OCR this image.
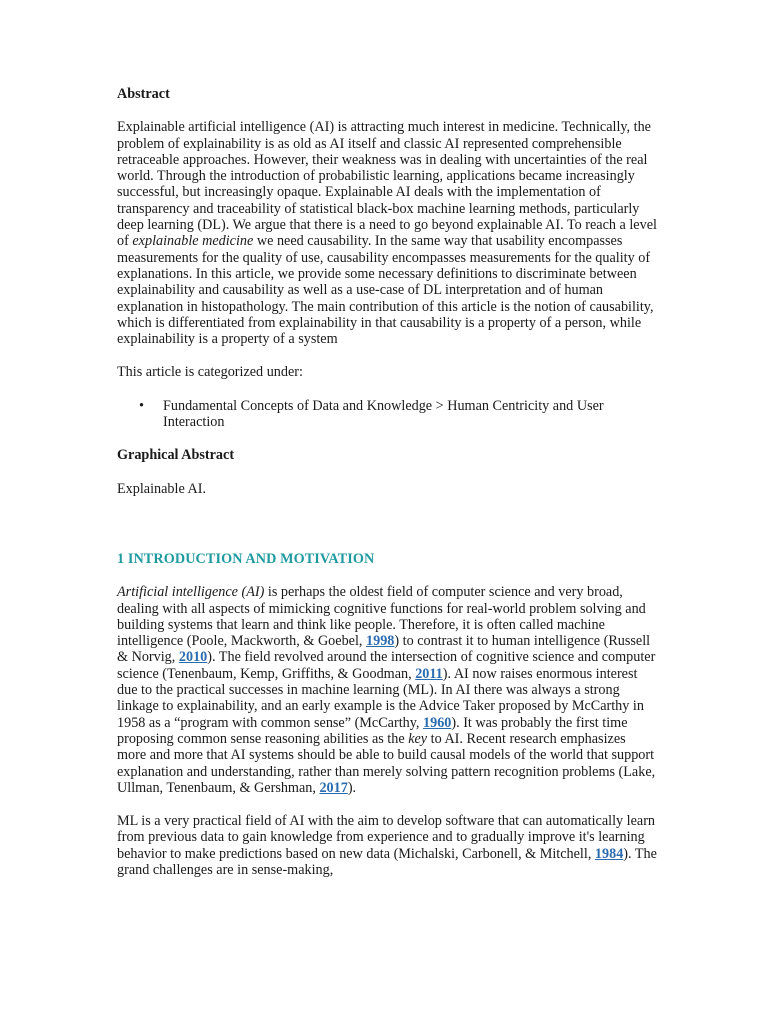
Abstract

Explainable artificial intelligence (AI) is attracting much interest in medicine. Technically, the problem of explainability is as old as AI itself and classic AI represented comprehensible retraceable approaches. However, their weakness was in dealing with uncertainties of the real world. Through the introduction of probabilistic learning, applications became increasingly successful, but increasingly opaque. Explainable AI deals with the implementation of transparency and traceability of statistical black-box machine learning methods, particularly deep learning (DL). We argue that there is a need to go beyond explainable AI. To reach a level of explainable medicine we need causability. In the same way that usability encompasses measurements for the quality of use, causability encompasses measurements for the quality of explanations. In this article, we provide some necessary definitions to discriminate between explainability and causability as well as a use-case of DL interpretation and of human explanation in histopathology. The main contribution of this article is the notion of causability, which is differentiated from explainability in that causability is a property of a person, while explainability is a property of a system

This article is categorized under:

• Fundamental Concepts of Data and Knowledge > Human Centricity and User Interaction
Graphical Abstract

Explainable AI.

1 INTRODUCTION AND MOTIVATION

Artificial intelligence (AI) is perhaps the oldest field of computer science and very broad, dealing with all aspects of mimicking cognitive functions for real-world problem solving and building systems that learn and think like people. Therefore, it is often called machine intelligence (Poole, Mackworth, & Goebel, 1998) to contrast it to human intelligence (Russell & Norvig, 2010). The field revolved around the intersection of cognitive science and computer science (Tenenbaum, Kemp, Griffiths, & Goodman, 2011). AI now raises enormous interest due to the practical successes in machine learning (ML). In AI there was always a strong linkage to explainability, and an early example is the Advice Taker proposed by McCarthy in 1958 as a “program with common sense” (McCarthy, 1960). It was probably the first time proposing common sense reasoning abilities as the key to AI. Recent research emphasizes more and more that AI systems should be able to build causal models of the world that support explanation and understanding, rather than merely solving pattern recognition problems (Lake, Ullman, Tenenbaum, & Gershman, 2017).

ML is a very practical field of AI with the aim to develop software that can automatically learn from previous data to gain knowledge from experience and to gradually improve it's learning behavior to make predictions based on new data (Michalski, Carbonell, & Mitchell, 1984). The grand challenges are in sense-making,
